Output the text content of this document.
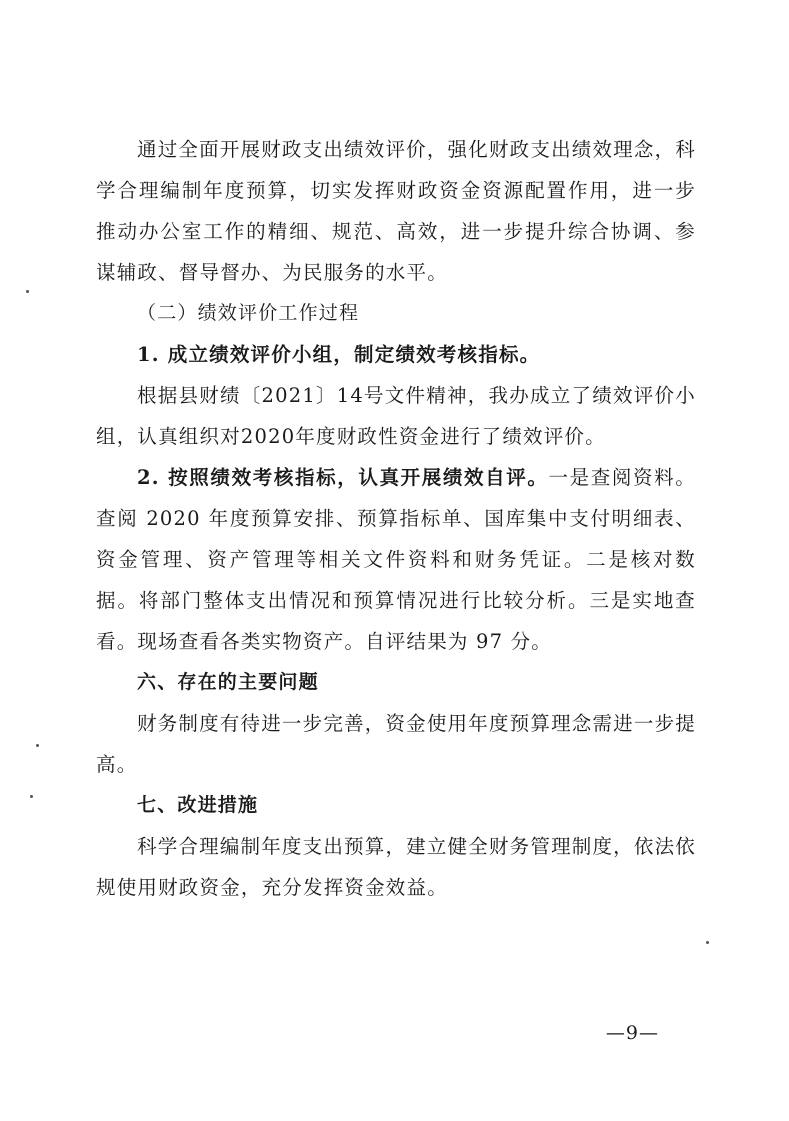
通过全面开展财政支出绩效评价，强化财政支出绩效理念，科学合理编制年度预算，切实发挥财政资金资源配置作用，进一步推动办公室工作的精细、规范、高效，进一步提升综合协调、参谋辅政、督导督办、为民服务的水平。

（二）绩效评价工作过程

1. 成立绩效评价小组，制定绩效考核指标。

根据县财绩〔2021〕14号文件精神，我办成立了绩效评价小组，认真组织对2020年度财政性资金进行了绩效评价。

2. 按照绩效考核指标，认真开展绩效自评。一是查阅资料。查阅 2020 年度预算安排、预算指标单、国库集中支付明细表、资金管理、资产管理等相关文件资料和财务凭证。二是核对数据。将部门整体支出情况和预算情况进行比较分析。三是实地查看。现场查看各类实物资产。自评结果为 97 分。

六、存在的主要问题

财务制度有待进一步完善，资金使用年度预算理念需进一步提高。

七、改进措施

科学合理编制年度支出预算，建立健全财务管理制度，依法依规使用财政资金，充分发挥资金效益。

—9—
